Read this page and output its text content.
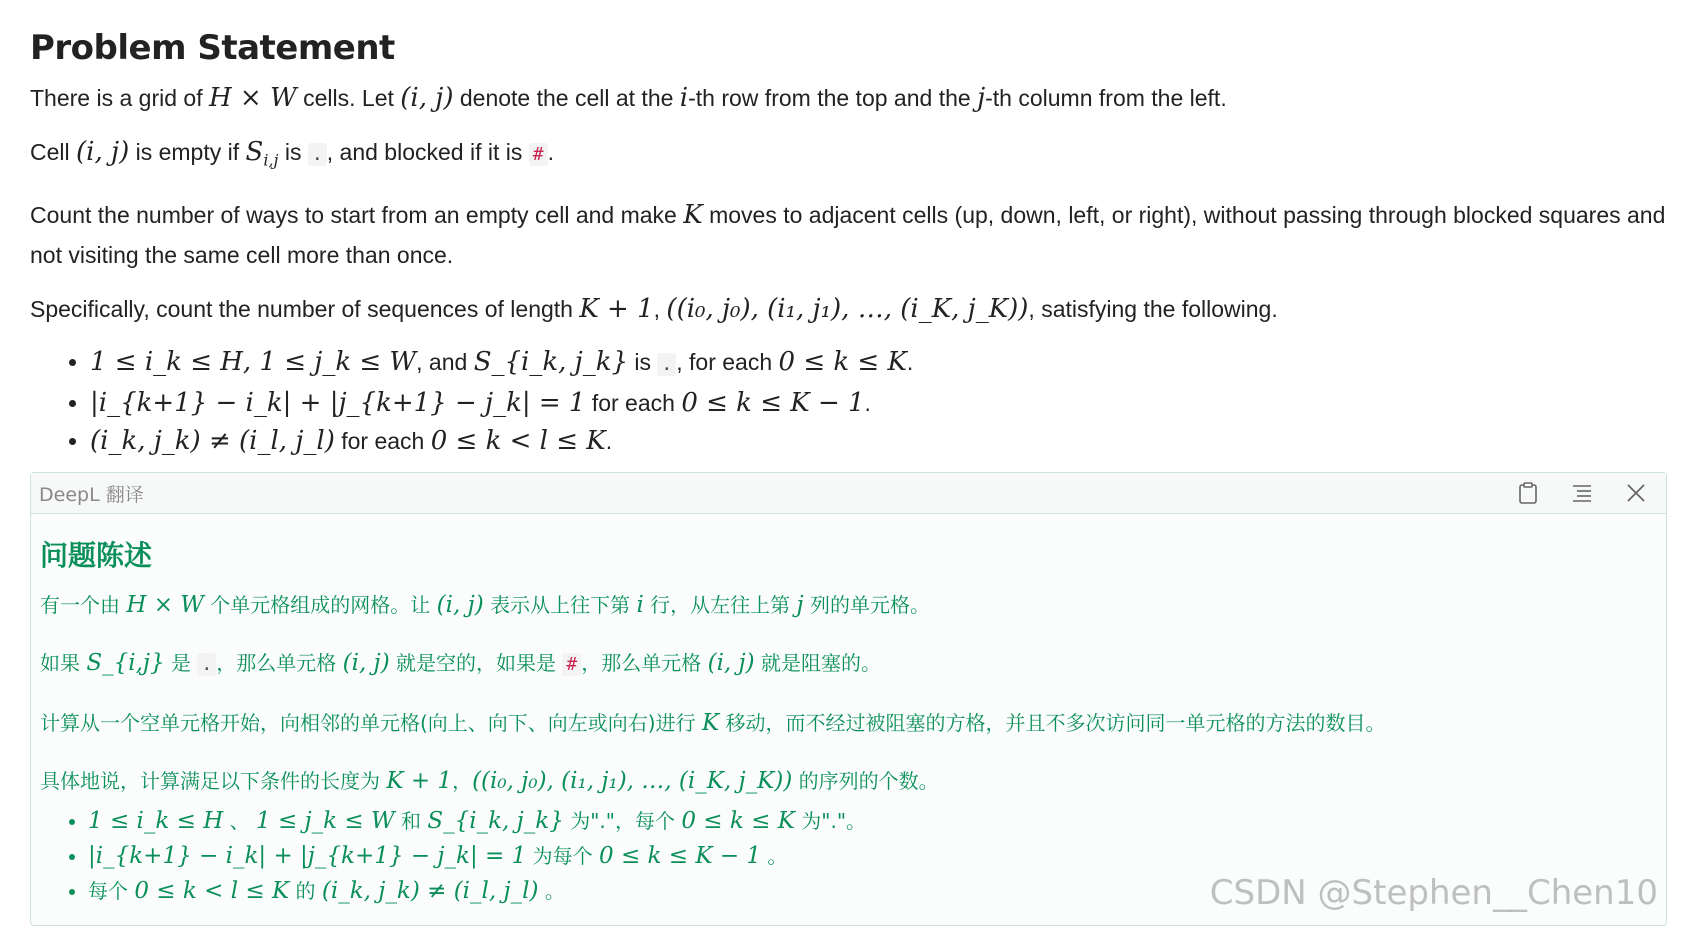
Problem Statement

There is a grid of H × W cells. Let (i, j) denote the cell at the i-th row from the top and the j-th column from the left.

Cell (i, j) is empty if $S_{i,j}$ is . , and blocked if it is # .

Count the number of ways to start from an empty cell and make K moves to adjacent cells (up, down, left, or right), without passing through blocked squares and not visiting the same cell more than once.

Specifically, count the number of sequences of length K + 1, ((i₀, j₀), (i₁, j₁), …, (i_K, j_K)), satisfying the following.

• 1 ≤ i_k ≤ H, 1 ≤ j_k ≤ W, and S_{i_k, j_k} is . , for each 0 ≤ k ≤ K.
• |i_{k+1} − i_k| + |j_{k+1} − j_k| = 1 for each 0 ≤ k ≤ K − 1.
• (i_k, j_k) ≠ (i_l, j_l) for each 0 ≤ k < l ≤ K.
DeepL 翻译
问题陈述

有一个由 H × W 个单元格组成的网格。让 (i, j) 表示从上往下第 i 行，从左往上第 j 列的单元格。

如果 S_{i,j} 是 . ，那么单元格 (i, j) 就是空的，如果是 # ，那么单元格 (i, j) 就是阻塞的。

计算从一个空单元格开始，向相邻的单元格(向上、向下、向左或向右)进行 K 移动，而不经过被阻塞的方格，并且不多次访问同一单元格的方法的数目。

具体地说，计算满足以下条件的长度为 K + 1，((i₀, j₀), (i₁, j₁), …, (i_K, j_K)) 的序列的个数。

• 1 ≤ i_k ≤ H 、 1 ≤ j_k ≤ W 和 S_{i_k, j_k} 为"."，每个 0 ≤ k ≤ K 为"."。
• |i_{k+1} − i_k| + |j_{k+1} − j_k| = 1 为每个 0 ≤ k ≤ K − 1 。
• 每个 0 ≤ k < l ≤ K 的 (i_k, j_k) ≠ (i_l, j_l) 。	CSDN @Stephen__Chen10
